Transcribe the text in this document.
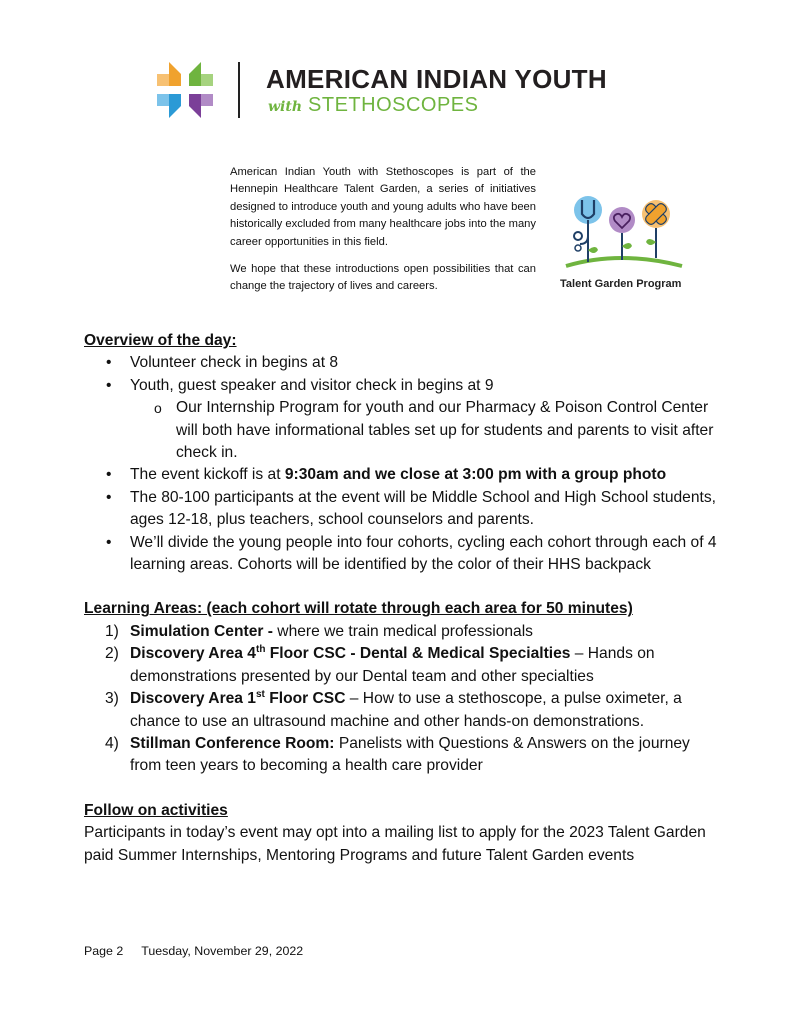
AMERICAN INDIAN YOUTH
with STETHOSCOPES

American Indian Youth with Stethoscopes is part of the Hennepin Healthcare Talent Garden, a series of initiatives designed to introduce youth and young adults who have been historically excluded from many healthcare jobs into the many career opportunities in this field.

We hope that these introductions open possibilities that can change the trajectory of lives and careers.	Talent Garden Program

Overview of the day:

• Volunteer check in begins at 8
• Youth, guest speaker and visitor check in begins at 9
o Our Internship Program for youth and our Pharmacy & Poison Control Center will both have informational tables set up for students and parents to visit after check in.
• The event kickoff is at 9:30am and we close at 3:00 pm with a group photo
• The 80-100 participants at the event will be Middle School and High School students, ages 12-18, plus teachers, school counselors and parents.
• We’ll divide the young people into four cohorts, cycling each cohort through each of 4 learning areas. Cohorts will be identified by the color of their HHS backpack

Learning Areas: (each cohort will rotate through each area for 50 minutes)

1) Simulation Center - where we train medical professionals
2) Discovery Area 4th Floor CSC - Dental & Medical Specialties – Hands on demonstrations presented by our Dental team and other specialties
3) Discovery Area 1st Floor CSC – How to use a stethoscope, a pulse oximeter, a chance to use an ultrasound machine and other hands-on demonstrations.
4) Stillman Conference Room: Panelists with Questions & Answers on the journey from teen years to becoming a health care provider

Follow on activities

Participants in today’s event may opt into a mailing list to apply for the 2023 Talent Garden paid Summer Internships, Mentoring Programs and future Talent Garden events

Page 2 Tuesday, November 29, 2022
